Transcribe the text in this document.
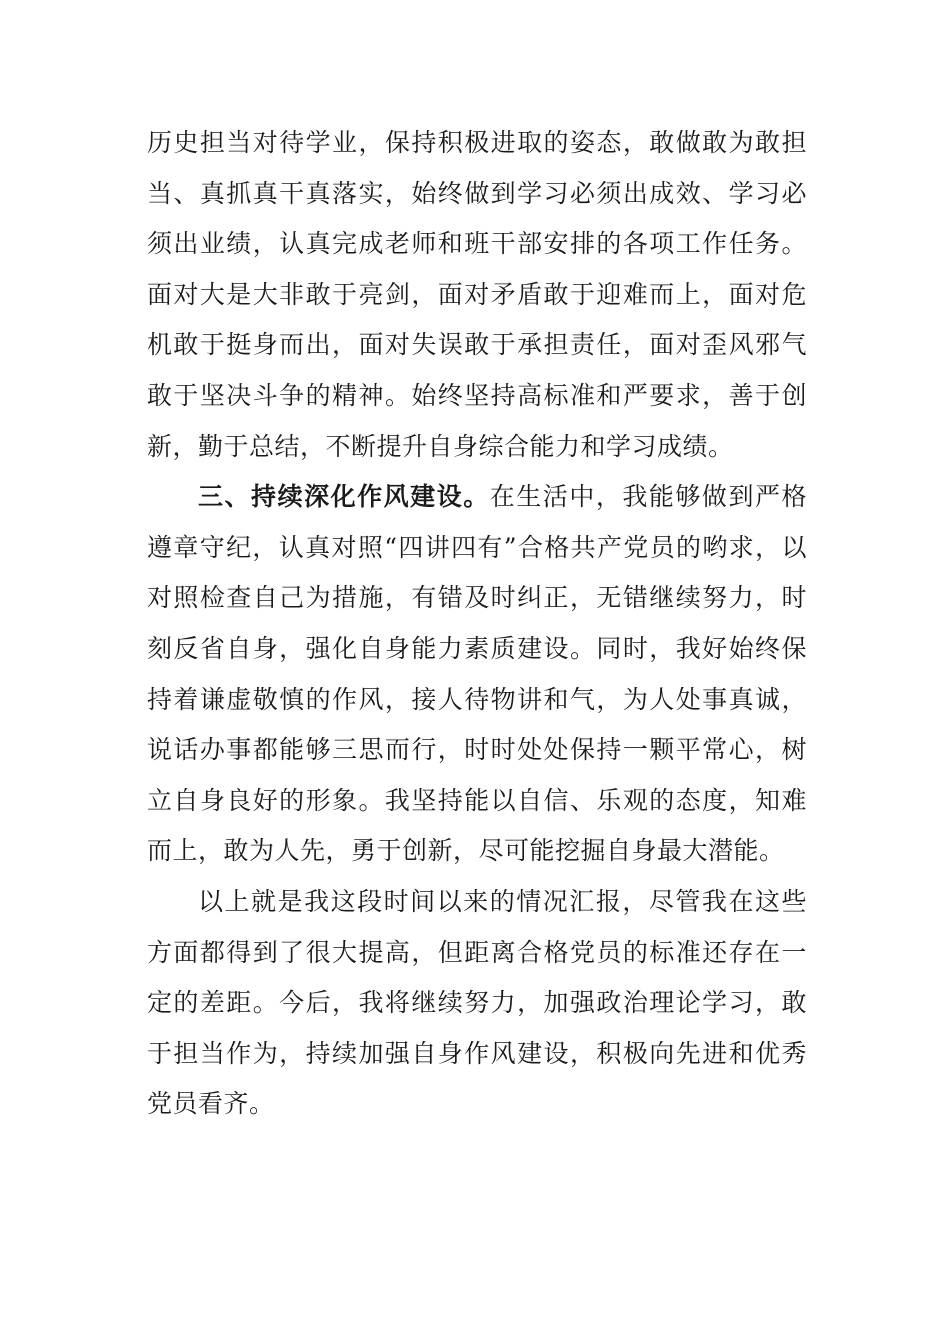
历史担当对待学业，保持积极进取的姿态，敢做敢为敢担当、真抓真干真落实，始终做到学习必须出成效、学习必须出业绩，认真完成老师和班干部安排的各项工作任务。面对大是大非敢于亮剑，面对矛盾敢于迎难而上，面对危机敢于挺身而出，面对失误敢于承担责任，面对歪风邪气敢于坚决斗争的精神。始终坚持高标准和严要求，善于创新，勤于总结，不断提升自身综合能力和学习成绩。

三、持续深化作风建设。在生活中，我能够做到严格遵章守纪，认真对照“四讲四有”合格共产党员的哟求，以对照检查自己为措施，有错及时纠正，无错继续努力，时刻反省自身，强化自身能力素质建设。同时，我好始终保持着谦虚敬慎的作风，接人待物讲和气，为人处事真诚，说话办事都能够三思而行，时时处处保持一颗平常心，树立自身良好的形象。我坚持能以自信、乐观的态度，知难而上，敢为人先，勇于创新，尽可能挖掘自身最大潜能。

以上就是我这段时间以来的情况汇报，尽管我在这些方面都得到了很大提高，但距离合格党员的标准还存在一定的差距。今后，我将继续努力，加强政治理论学习，敢于担当作为，持续加强自身作风建设，积极向先进和优秀党员看齐。
